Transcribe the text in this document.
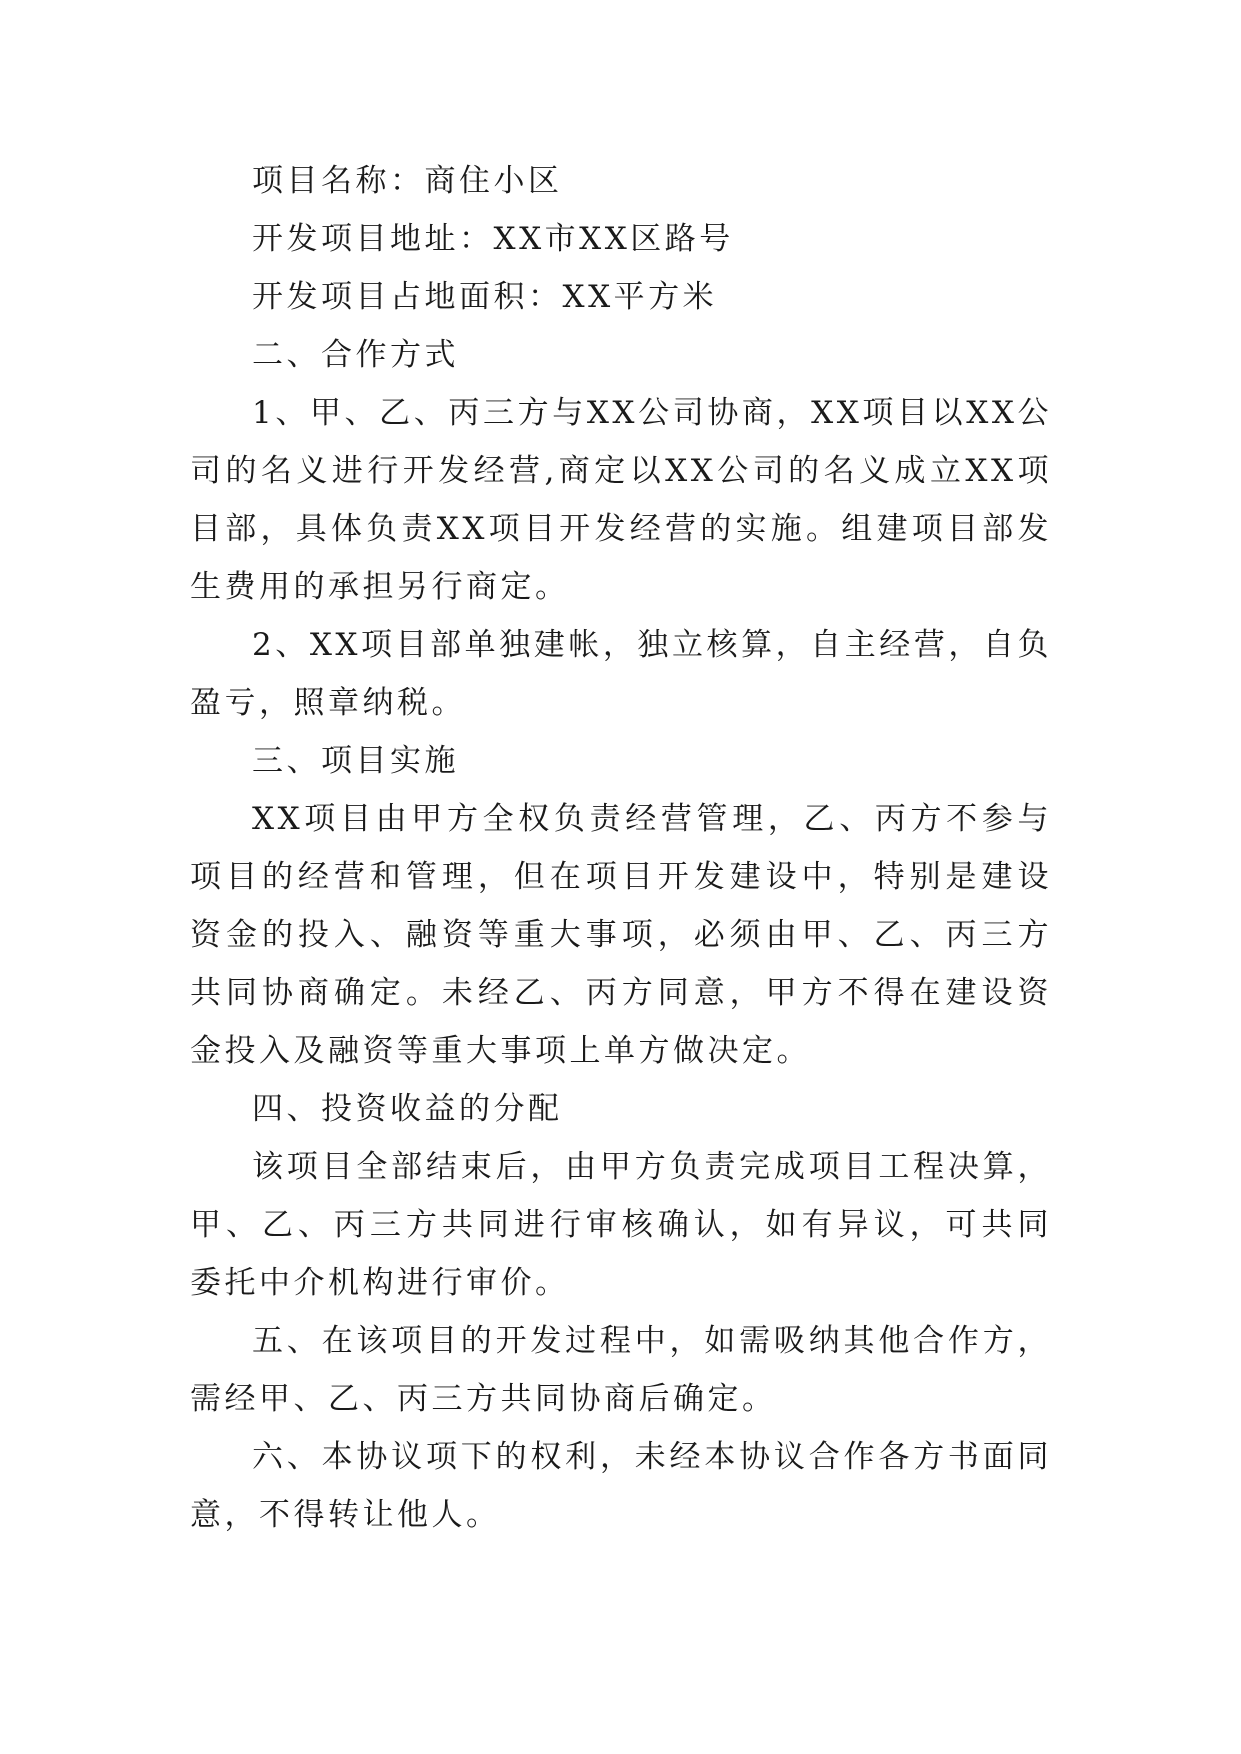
项目名称：商住小区

开发项目地址：XX市XX区路号

开发项目占地面积：XX平方米

二、合作方式

1、甲、乙、丙三方与XX公司协商，XX项目以XX公司的名义进行开发经营,商定以XX公司的名义成立XX项目部，具体负责XX项目开发经营的实施。组建项目部发生费用的承担另行商定。

2、XX项目部单独建帐，独立核算，自主经营，自负盈亏，照章纳税。

三、项目实施

XX项目由甲方全权负责经营管理，乙、丙方不参与项目的经营和管理，但在项目开发建设中，特别是建设资金的投入、融资等重大事项，必须由甲、乙、丙三方共同协商确定。未经乙、丙方同意，甲方不得在建设资金投入及融资等重大事项上单方做决定。

四、投资收益的分配

该项目全部结束后，由甲方负责完成项目工程决算，甲、乙、丙三方共同进行审核确认，如有异议，可共同委托中介机构进行审价。

五、在该项目的开发过程中，如需吸纳其他合作方，需经甲、乙、丙三方共同协商后确定。

六、本协议项下的权利，未经本协议合作各方书面同意，不得转让他人。
